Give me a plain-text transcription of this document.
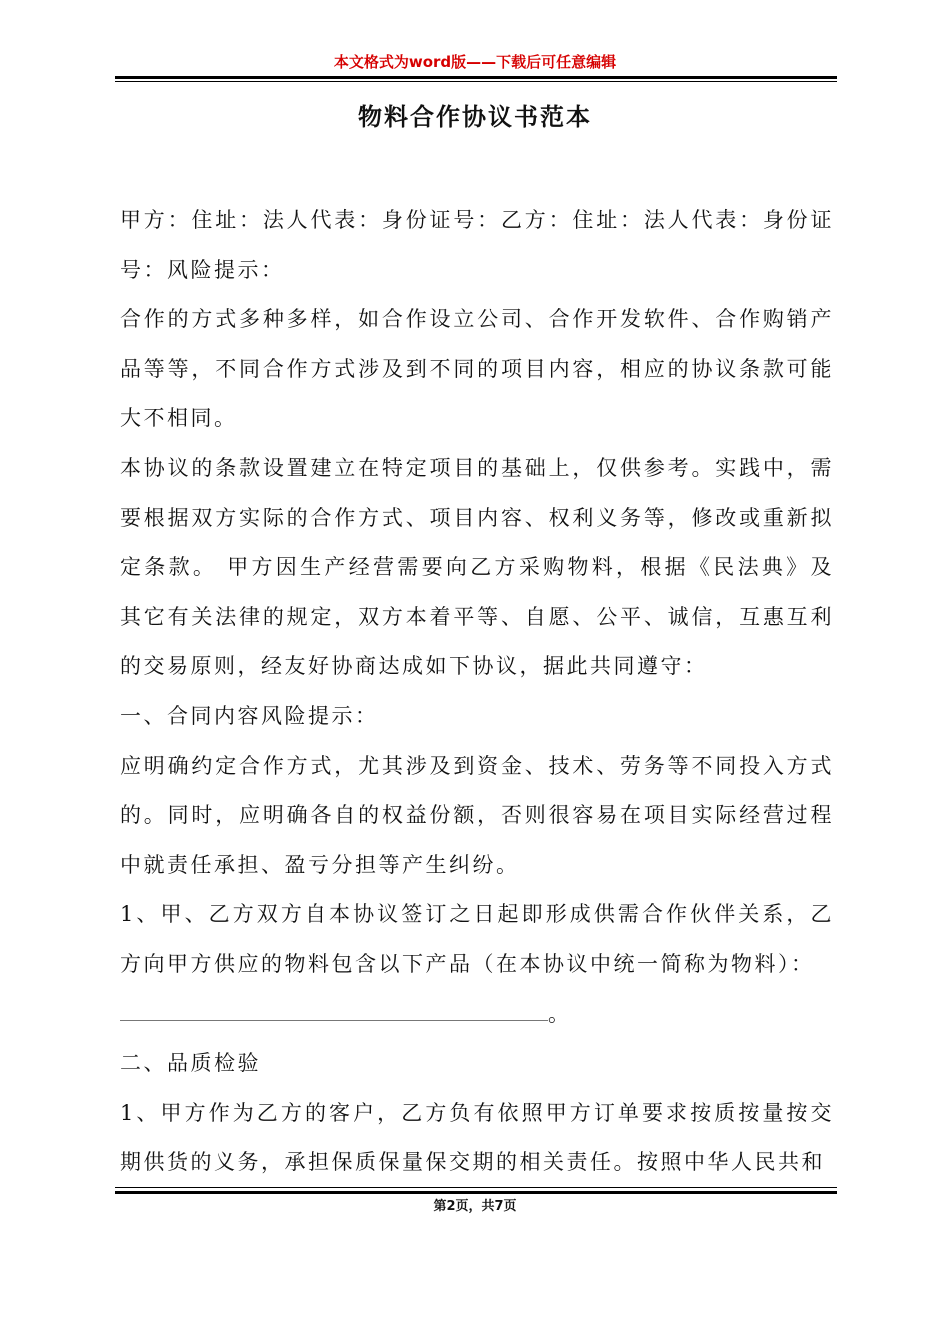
本文格式为word版——下载后可任意编辑
物料合作协议书范本

甲方：住址：法人代表：身份证号：乙方：住址：法人代表：身份证号：风险提示：

合作的方式多种多样，如合作设立公司、合作开发软件、合作购销产品等等，不同合作方式涉及到不同的项目内容，相应的协议条款可能大不相同。

本协议的条款设置建立在特定项目的基础上，仅供参考。实践中，需要根据双方实际的合作方式、项目内容、权利义务等，修改或重新拟定条款。 甲方因生产经营需要向乙方采购物料，根据《民法典》及其它有关法律的规定，双方本着平等、自愿、公平、诚信，互惠互利的交易原则，经友好协商达成如下协议，据此共同遵守：

一、合同内容风险提示：

应明确约定合作方式，尤其涉及到资金、技术、劳务等不同投入方式的。同时，应明确各自的权益份额，否则很容易在项目实际经营过程中就责任承担、盈亏分担等产生纠纷。

1、甲、乙方双方自本协议签订之日起即形成供需合作伙伴关系，乙方向甲方供应的物料包含以下产品（在本协议中统一简称为物料）：

。

二、品质检验

1、甲方作为乙方的客户，乙方负有依照甲方订单要求按质按量按交期供货的义务，承担保质保量保交期的相关责任。按照中华人民共和

第2页，共7页
